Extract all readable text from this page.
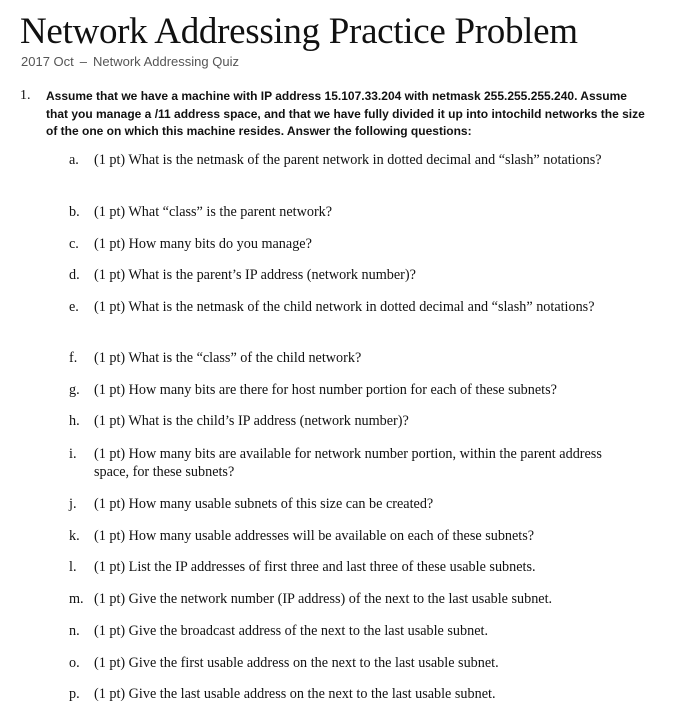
Network Addressing Practice Problem
2017 Oct – Network Addressing Quiz
1. Assume that we have a machine with IP address 15.107.33.204 with netmask 255.255.255.240. Assume that you manage a /11 address space, and that we have fully divided it up into intochild networks the size of the one on which this machine resides. Answer the following questions:
a.	(1 pt) What is the netmask of the parent network in dotted decimal and “slash” notations?
b.	(1 pt) What “class” is the parent network?
c.	(1 pt) How many bits do you manage?
d.	(1 pt) What is the parent’s IP address (network number)?
e.	(1 pt) What is the netmask of the child network in dotted decimal and “slash” notations?
f.	(1 pt) What is the “class” of the child network?
g.	(1 pt) How many bits are there for host number portion for each of these subnets?
h.	(1 pt) What is the child’s IP address (network number)?
i.	(1 pt) How many bits are available for network number portion, within the parent address space, for these subnets?
j.	(1 pt) How many usable subnets of this size can be created?
k.	(1 pt) How many usable addresses will be available on each of these subnets?
l.	(1 pt) List the IP addresses of first three and last three of these usable subnets.
m. (1 pt) Give the network number (IP address) of the next to the last usable subnet.
n.	(1 pt) Give the broadcast address of the next to the last usable subnet.
o.	(1 pt) Give the first usable address on the next to the last usable subnet.
p.	(1 pt) Give the last usable address on the next to the last usable subnet.
